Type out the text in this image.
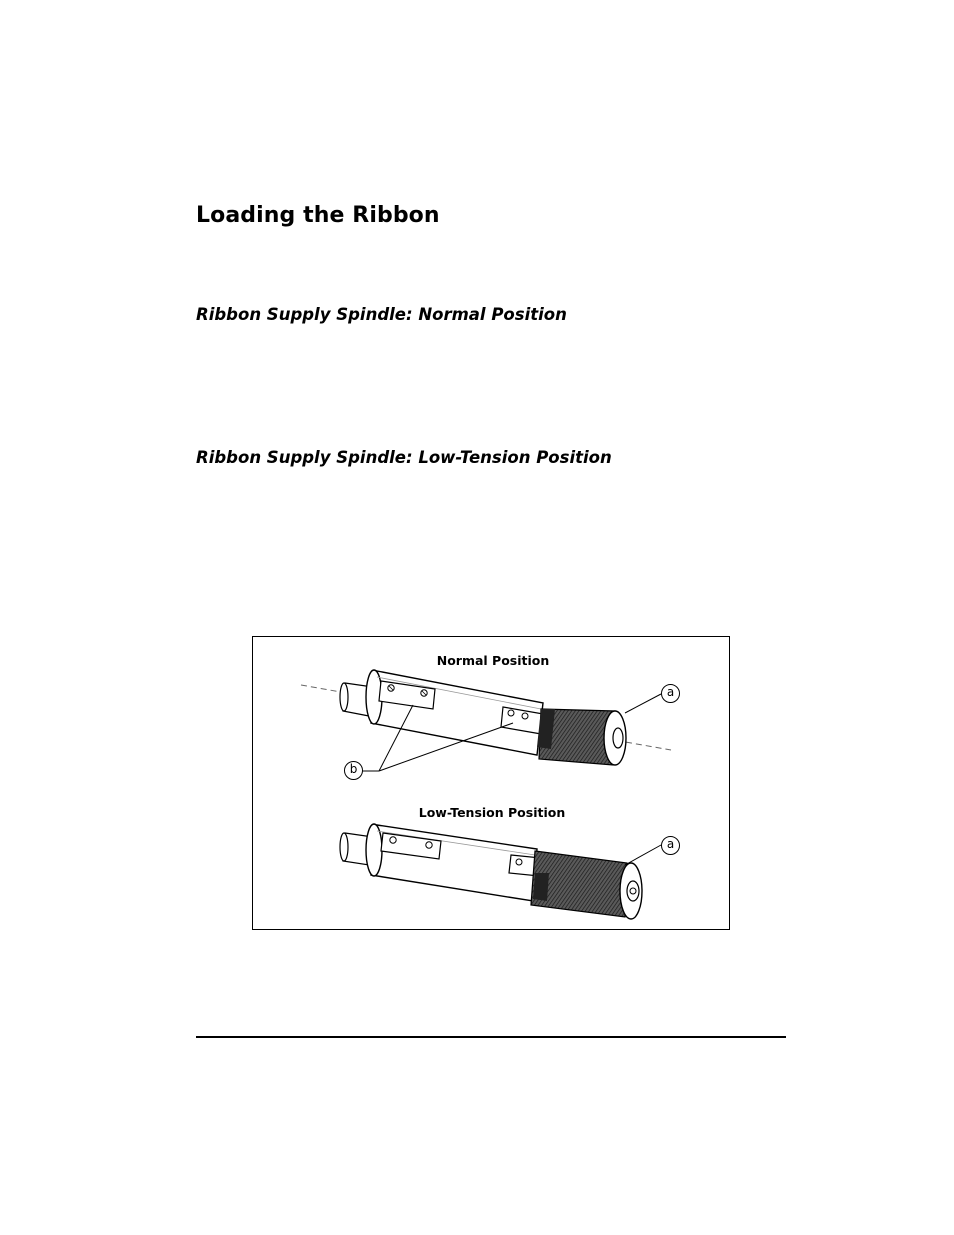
Loading the Ribbon
Ribbon Supply Spindle: Normal Position
Ribbon Supply Spindle: Low-Tension Position
Normal Position
Low-Tension Position
a
b
a
